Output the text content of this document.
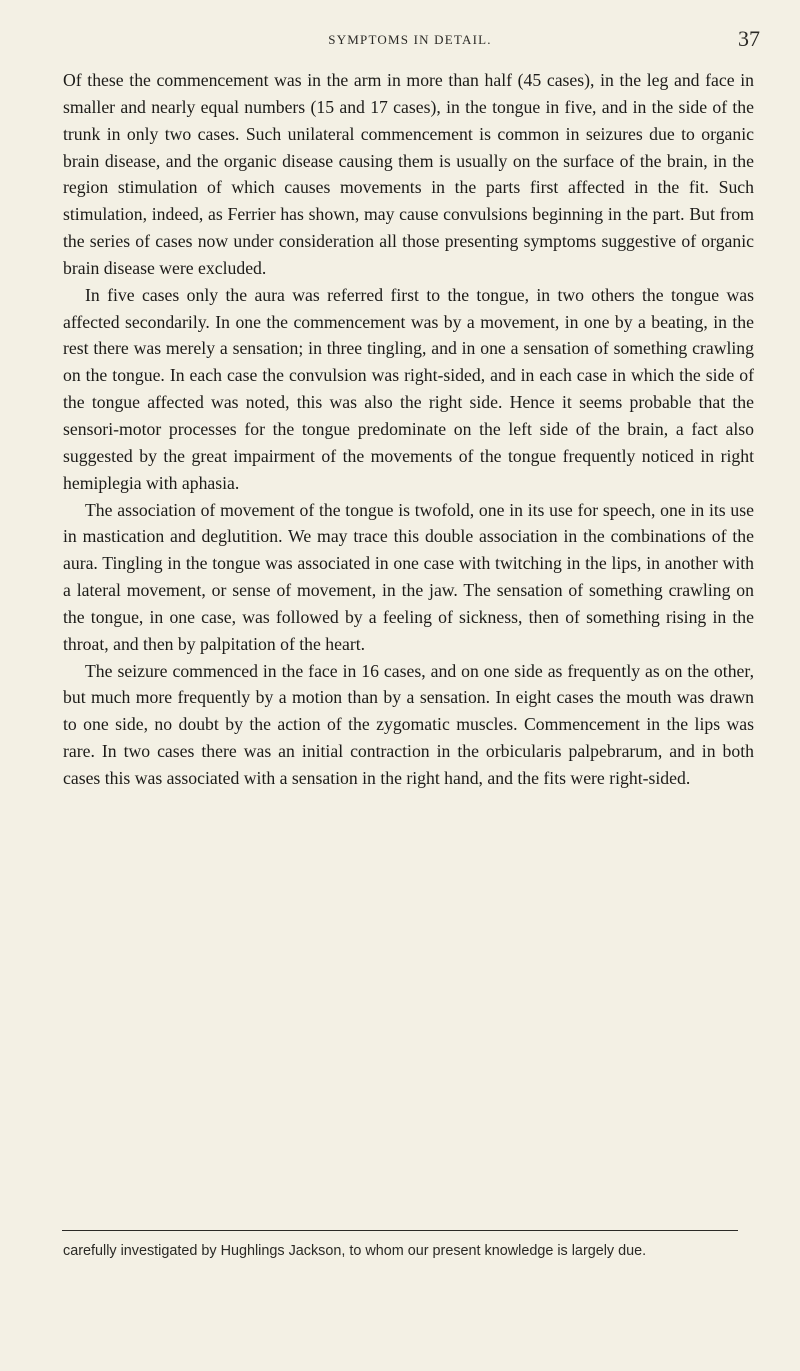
SYMPTOMS IN DETAIL.	37

Of these the commencement was in the arm in more than half (45 cases), in the leg and face in smaller and nearly equal numbers (15 and 17 cases), in the tongue in five, and in the side of the trunk in only two cases. Such unilateral commencement is common in seizures due to organic brain disease, and the organic disease causing them is usually on the surface of the brain, in the region stimulation of which causes movements in the parts first affected in the fit. Such stimulation, indeed, as Ferrier has shown, may cause convulsions beginning in the part. But from the series of cases now under consideration all those presenting symptoms suggestive of organic brain disease were excluded.

In five cases only the aura was referred first to the tongue, in two others the tongue was affected secondarily. In one the commencement was by a movement, in one by a beating, in the rest there was merely a sensation; in three tingling, and in one a sensation of something crawling on the tongue. In each case the convulsion was right-sided, and in each case in which the side of the tongue affected was noted, this was also the right side. Hence it seems probable that the sensori-motor processes for the tongue predominate on the left side of the brain, a fact also suggested by the great impairment of the movements of the tongue frequently noticed in right hemiplegia with aphasia.

The association of movement of the tongue is twofold, one in its use for speech, one in its use in mastication and deglutition. We may trace this double association in the combinations of the aura. Tingling in the tongue was associated in one case with twitching in the lips, in another with a lateral movement, or sense of movement, in the jaw. The sensation of something crawling on the tongue, in one case, was followed by a feeling of sickness, then of something rising in the throat, and then by palpitation of the heart.

The seizure commenced in the face in 16 cases, and on one side as frequently as on the other, but much more frequently by a motion than by a sensation. In eight cases the mouth was drawn to one side, no doubt by the action of the zygomatic muscles. Commencement in the lips was rare. In two cases there was an initial contraction in the orbicularis palpebrarum, and in both cases this was associated with a sensation in the right hand, and the fits were right-sided.

carefully investigated by Hughlings Jackson, to whom our present knowledge is largely due.
